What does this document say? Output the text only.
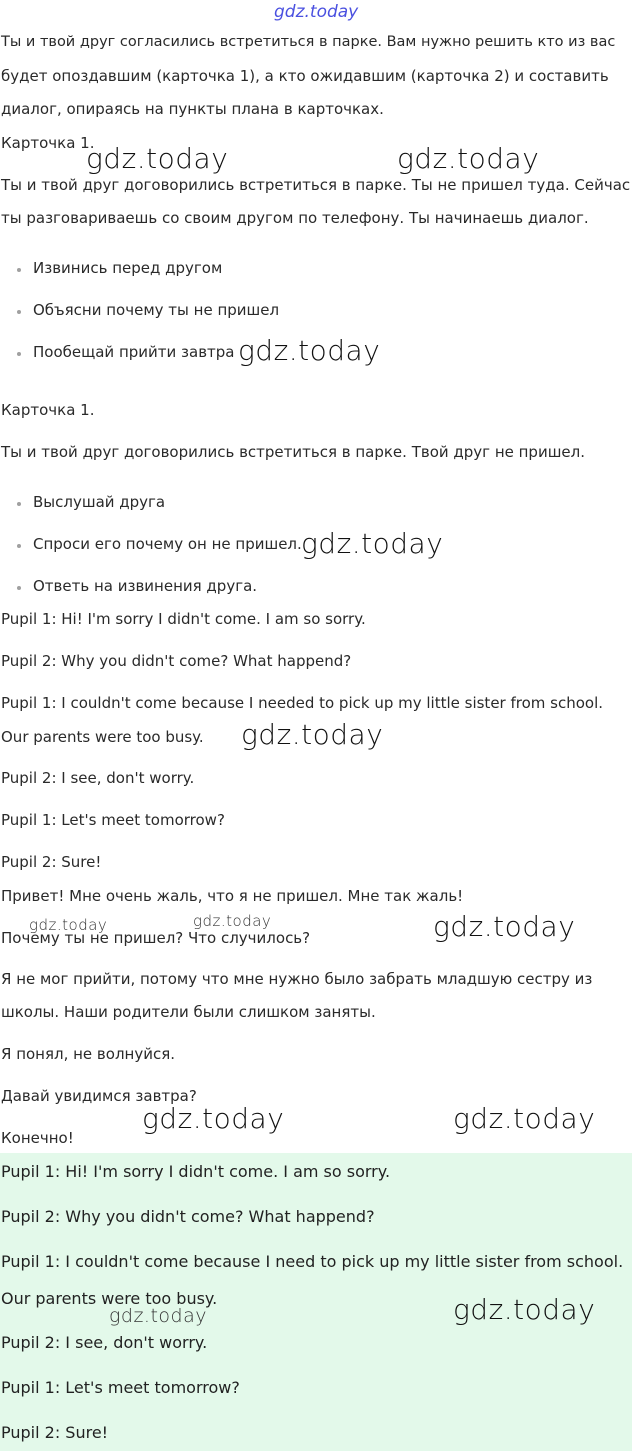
gdz.today
Ты и твой друг согласились встретиться в парке. Вам нужно решить кто из вас
будет опоздавшим (карточка 1), а кто ожидавшим (карточка 2) и составить
диалог, опираясь на пункты плана в карточках.
Карточка 1.
Ты и твой друг договорились встретиться в парке. Ты не пришел туда. Сейчас
ты разговариваешь со своим другом по телефону. Ты начинаешь диалог.
Извинись перед другом
Объясни почему ты не пришел
Пообещай прийти завтра
Карточка 1.
Ты и твой друг договорились встретиться в парке. Твой друг не пришел.
Выслушай друга
Спроси его почему он не пришел.
Ответь на извинения друга.
Pupil 1: Hi! I'm sorry I didn't come. I am so sorry.
Pupil 2: Why you didn't come? What happend?
Pupil 1: I couldn't come because I needed to pick up my little sister from school.
Our parents were too busy.
Pupil 2: I see, don't worry.
Pupil 1: Let's meet tomorrow?
Pupil 2: Sure!
Привет! Мне очень жаль, что я не пришел. Мне так жаль!
Почему ты не пришел? Что случилось?
Я не мог прийти, потому что мне нужно было забрать младшую сестру из
школы. Наши родители были слишком заняты.
Я понял, не волнуйся.
Давай увидимся завтра?
Конечно!
Pupil 1: Hi! I'm sorry I didn't come. I am so sorry.
Pupil 2: Why you didn't come? What happend?
Pupil 1: I couldn't come because I need to pick up my little sister from school.
Our parents were too busy.
Pupil 2: I see, don't worry.
Pupil 1: Let's meet tomorrow?
Pupil 2: Sure!
gdz.today	gdz.today
gdz.today
gdz.today
gdz.today
gdz.today	gdz.today	gdz.today
gdz.today	gdz.today
gdz.today	gdz.today
